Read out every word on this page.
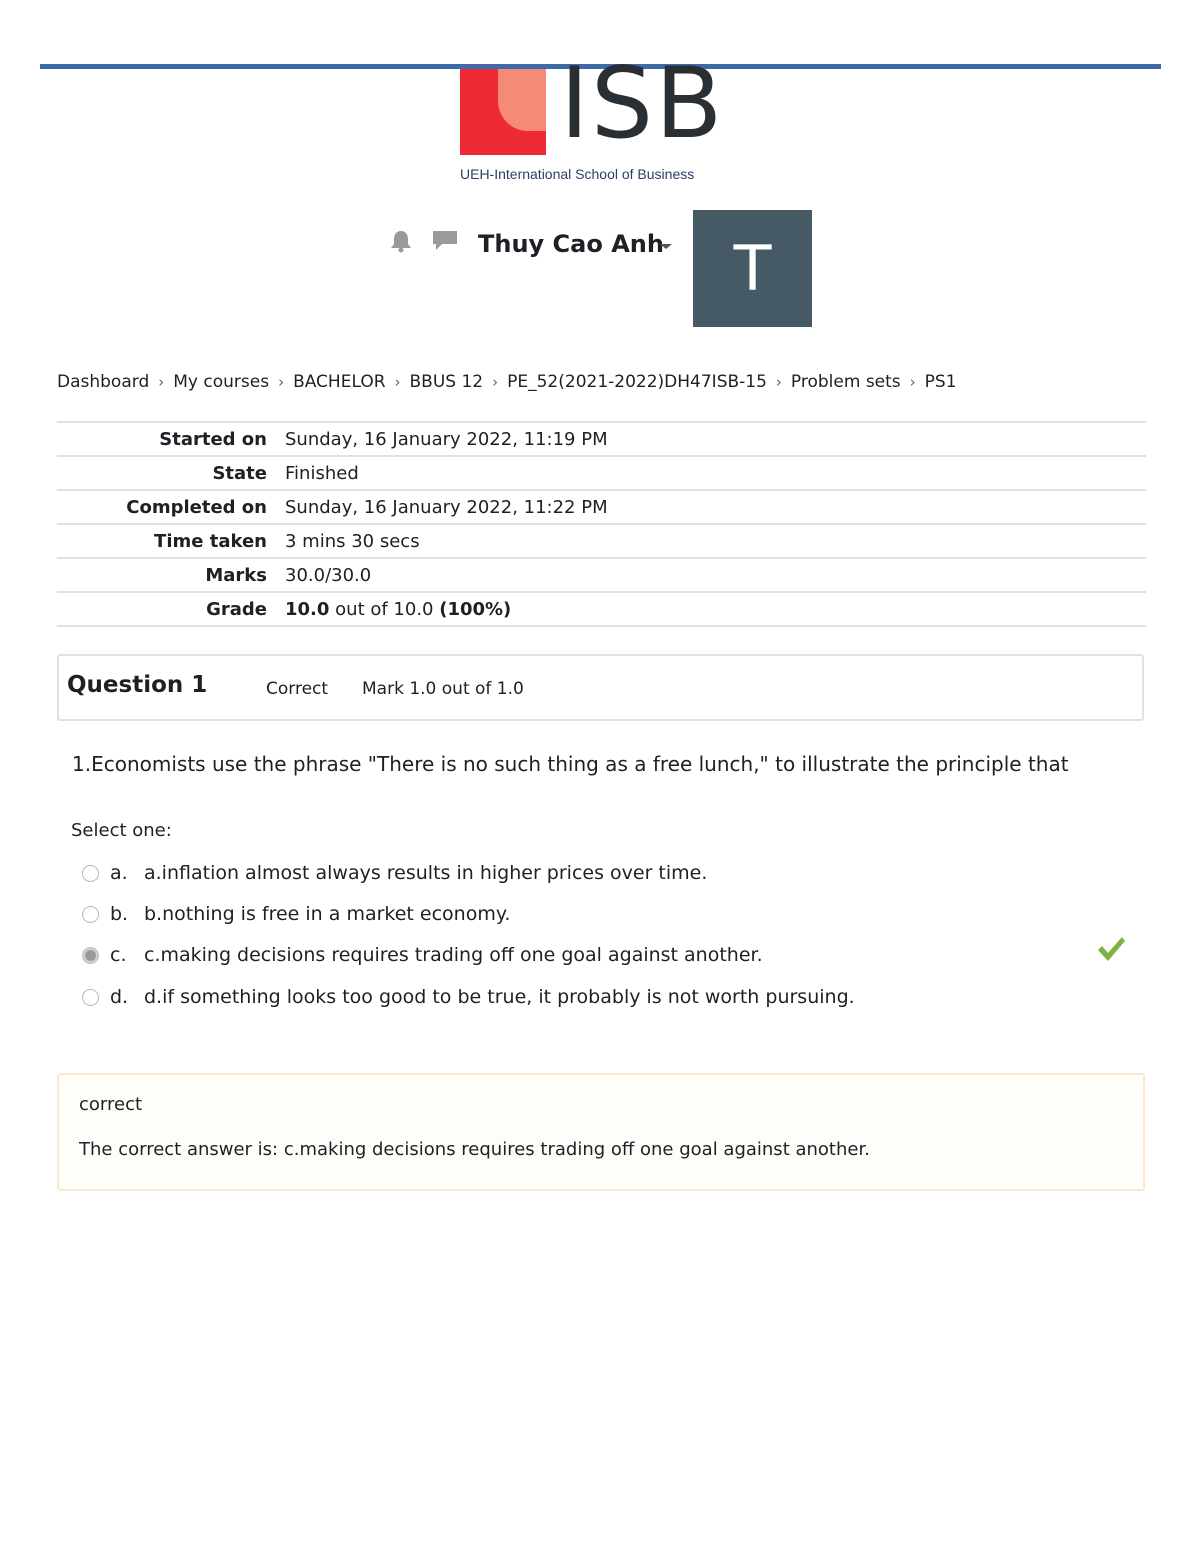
ISB
UEH-International School of Business
Thuy Cao Anh	T
Dashboard › My courses › BACHELOR › BBUS 12 › PE_52(2021-2022)DH47ISB-15 › Problem sets › PS1
Started on	Sunday, 16 January 2022, 11:19 PM
State	Finished
Completed on	Sunday, 16 January 2022, 11:22 PM
Time taken	3 mins 30 secs
Marks	30.0/30.0
Grade	10.0 out of 10.0 (100%)
Question 1	Correct Mark 1.0 out of 1.0
1.Economists use the phrase "There is no such thing as a free lunch," to illustrate the principle that
Select one:
a. a.inflation almost always results in higher prices over time.
b. b.nothing is free in a market economy.
c. c.making decisions requires trading off one goal against another.
d. d.if something looks too good to be true, it probably is not worth pursuing.
correct
The correct answer is: c.making decisions requires trading off one goal against another.
